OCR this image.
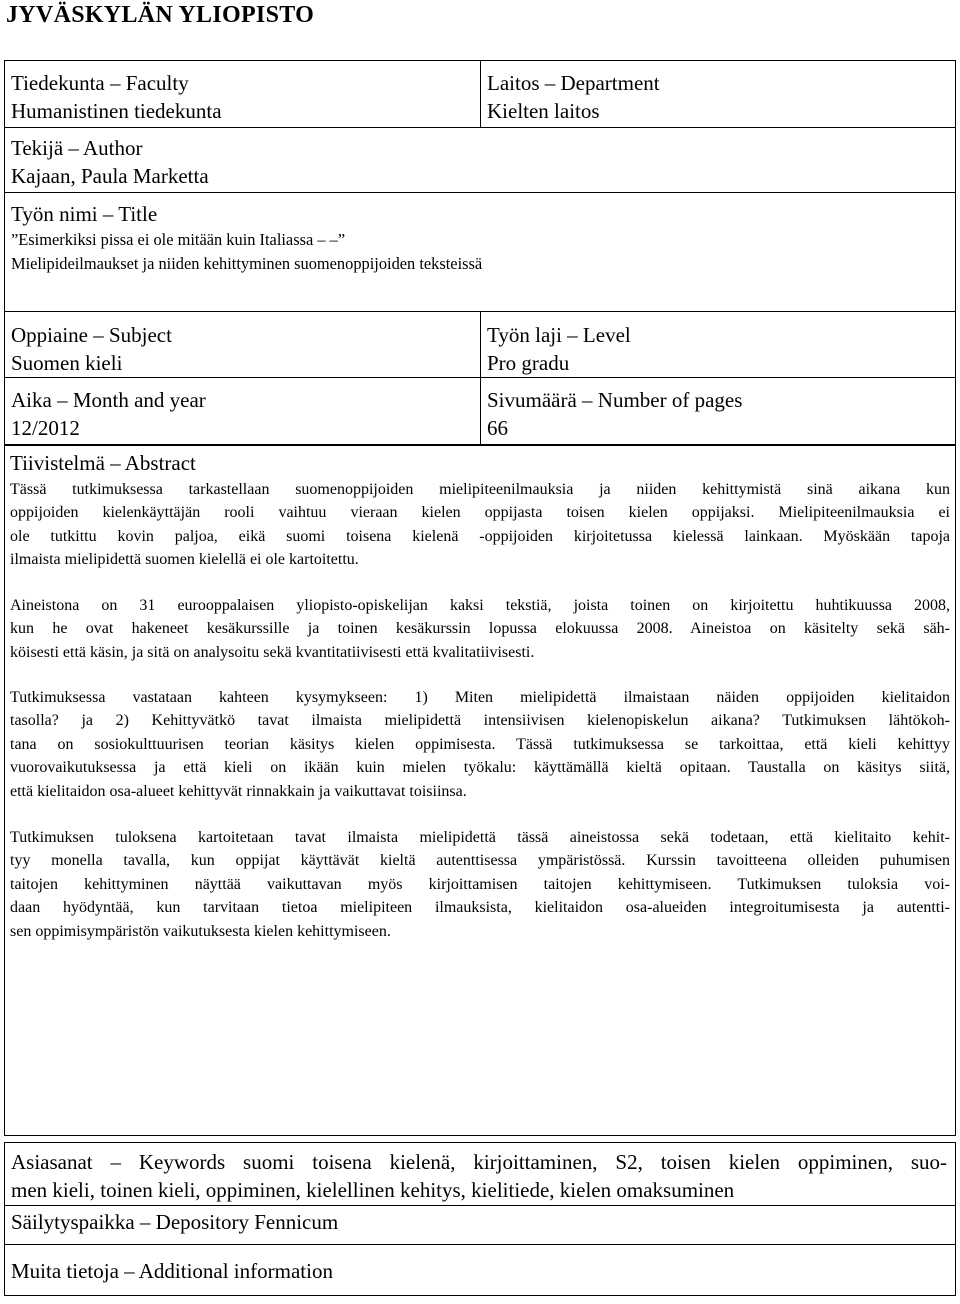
JYVÄSKYLÄN YLIOPISTO
Tiedekunta – Faculty
Humanistinen tiedekunta
Laitos – Department
Kielten laitos
Tekijä – Author
Kajaan, Paula Marketta
Työn nimi – Title
”Esimerkiksi pissa ei ole mitään kuin Italiassa – –”
Mielipideilmaukset ja niiden kehittyminen suomenoppijoiden teksteissä
Oppiaine – Subject
Suomen kieli
Työn laji – Level
Pro gradu
Aika – Month and year
12/2012
Sivumäärä – Number of pages
66
Tiivistelmä – Abstract
Tässä tutkimuksessa tarkastellaan suomenoppijoiden mielipiteenilmauksia ja niiden kehittymistä sinä aikana kun
oppijoiden kielenkäyttäjän rooli vaihtuu vieraan kielen oppijasta toisen kielen oppijaksi. Mielipiteenilmauksia ei
ole tutkittu kovin paljoa, eikä suomi toisena kielenä -oppijoiden kirjoitetussa kielessä lainkaan. Myöskään tapoja
ilmaista mielipidettä suomen kielellä ei ole kartoitettu.
Aineistona on 31 eurooppalaisen yliopisto-opiskelijan kaksi tekstiä, joista toinen on kirjoitettu huhtikuussa 2008,
kun he ovat hakeneet kesäkurssille ja toinen kesäkurssin lopussa elokuussa 2008. Aineistoa on käsitelty sekä säh-
köisesti että käsin, ja sitä on analysoitu sekä kvantitatiivisesti että kvalitatiivisesti.
Tutkimuksessa vastataan kahteen kysymykseen: 1) Miten mielipidettä ilmaistaan näiden oppijoiden kielitaidon
tasolla? ja 2) Kehittyvätkö tavat ilmaista mielipidettä intensiivisen kielenopiskelun aikana? Tutkimuksen lähtökoh-
tana on sosiokulttuurisen teorian käsitys kielen oppimisesta. Tässä tutkimuksessa se tarkoittaa, että kieli kehittyy
vuorovaikutuksessa ja että kieli on ikään kuin mielen työkalu: käyttämällä kieltä opitaan. Taustalla on käsitys siitä,
että kielitaidon osa-alueet kehittyvät rinnakkain ja vaikuttavat toisiinsa.
Tutkimuksen tuloksena kartoitetaan tavat ilmaista mielipidettä tässä aineistossa sekä todetaan, että kielitaito kehit-
tyy monella tavalla, kun oppijat käyttävät kieltä autenttisessa ympäristössä. Kurssin tavoitteena olleiden puhumisen
taitojen kehittyminen näyttää vaikuttavan myös kirjoittamisen taitojen kehittymiseen. Tutkimuksen tuloksia voi-
daan hyödyntää, kun tarvitaan tietoa mielipiteen ilmauksista, kielitaidon osa-alueiden integroitumisesta ja autentti-
sen oppimisympäristön vaikutuksesta kielen kehittymiseen.
Asiasanat – Keywords suomi toisena kielenä, kirjoittaminen, S2, toisen kielen oppiminen, suo-
men kieli, toinen kieli, oppiminen, kielellinen kehitys, kielitiede, kielen omaksuminen
Säilytyspaikka – Depository Fennicum
Muita tietoja – Additional information
